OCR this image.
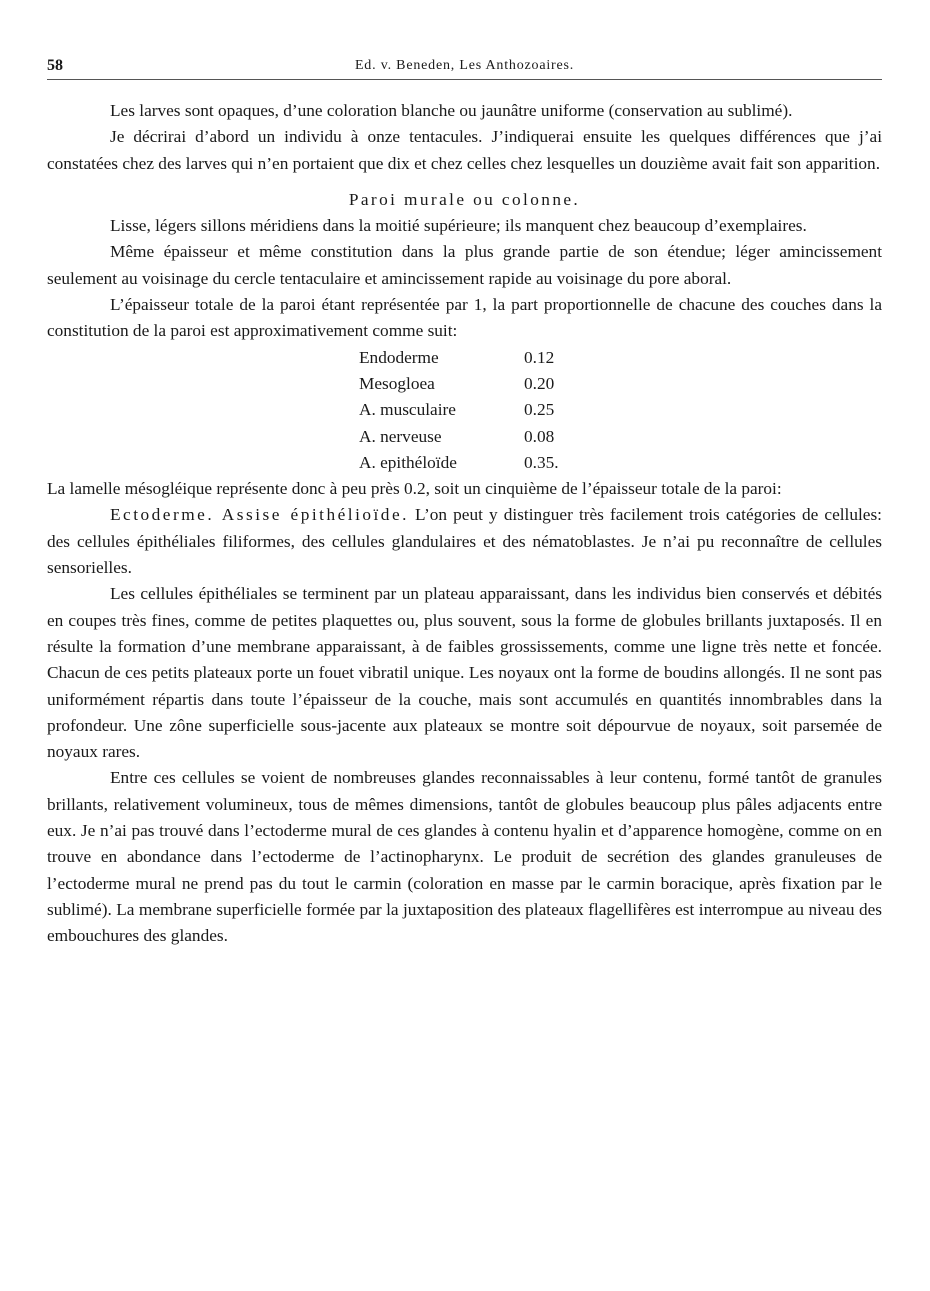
58	Ed. v. Beneden, Les Anthozoaires.

Les larves sont opaques, d’une coloration blanche ou jaunâtre uniforme (conservation au sublimé).

Je décrirai d’abord un individu à onze tentacules. J’indiquerai ensuite les quelques différences que j’ai constatées chez des larves qui n’en portaient que dix et chez celles chez lesquelles un douzième avait fait son apparition.

Paroi murale ou colonne.

Lisse, légers sillons méridiens dans la moitié supérieure; ils manquent chez beaucoup d’exemplaires.

Même épaisseur et même constitution dans la plus grande partie de son étendue; léger amincissement seulement au voisinage du cercle tentaculaire et amincissement rapide au voisinage du pore aboral.

L’épaisseur totale de la paroi étant représentée par 1, la part proportionnelle de chacune des couches dans la constitution de la paroi est approximativement comme suit:

Endoderme	0.12
Mesogloea	0.20
A. musculaire	0.25
A. nerveuse	0.08
A. epithéloïde	0.35.

La lamelle mésogléique représente donc à peu près 0.2, soit un cinquième de l’épaisseur totale de la paroi:

Ectoderme. Assise épithélioïde. L’on peut y distinguer très facilement trois catégories de cellules: des cellules épithéliales filiformes, des cellules glandulaires et des nématoblastes. Je n’ai pu reconnaître de cellules sensorielles.

Les cellules épithéliales se terminent par un plateau apparaissant, dans les individus bien conservés et débités en coupes très fines, comme de petites plaquettes ou, plus souvent, sous la forme de globules brillants juxtaposés. Il en résulte la formation d’une membrane apparaissant, à de faibles grossissements, comme une ligne très nette et foncée. Chacun de ces petits plateaux porte un fouet vibratil unique. Les noyaux ont la forme de boudins allongés. Il ne sont pas uniformément répartis dans toute l’épaisseur de la couche, mais sont accumulés en quantités innombrables dans la profondeur. Une zône superficielle sous-jacente aux plateaux se montre soit dépourvue de noyaux, soit parsemée de noyaux rares.

Entre ces cellules se voient de nombreuses glandes reconnaissables à leur contenu, formé tantôt de granules brillants, relativement volumineux, tous de mêmes dimensions, tantôt de globules beaucoup plus pâles adjacents entre eux. Je n’ai pas trouvé dans l’ectoderme mural de ces glandes à contenu hyalin et d’apparence homogène, comme on en trouve en abondance dans l’ectoderme de l’actinopharynx. Le produit de secrétion des glandes granuleuses de l’ectoderme mural ne prend pas du tout le carmin (coloration en masse par le carmin boracique, après fixation par le sublimé). La membrane superficielle formée par la juxtaposition des plateaux flagellifères est interrompue au niveau des embouchures des glandes.
